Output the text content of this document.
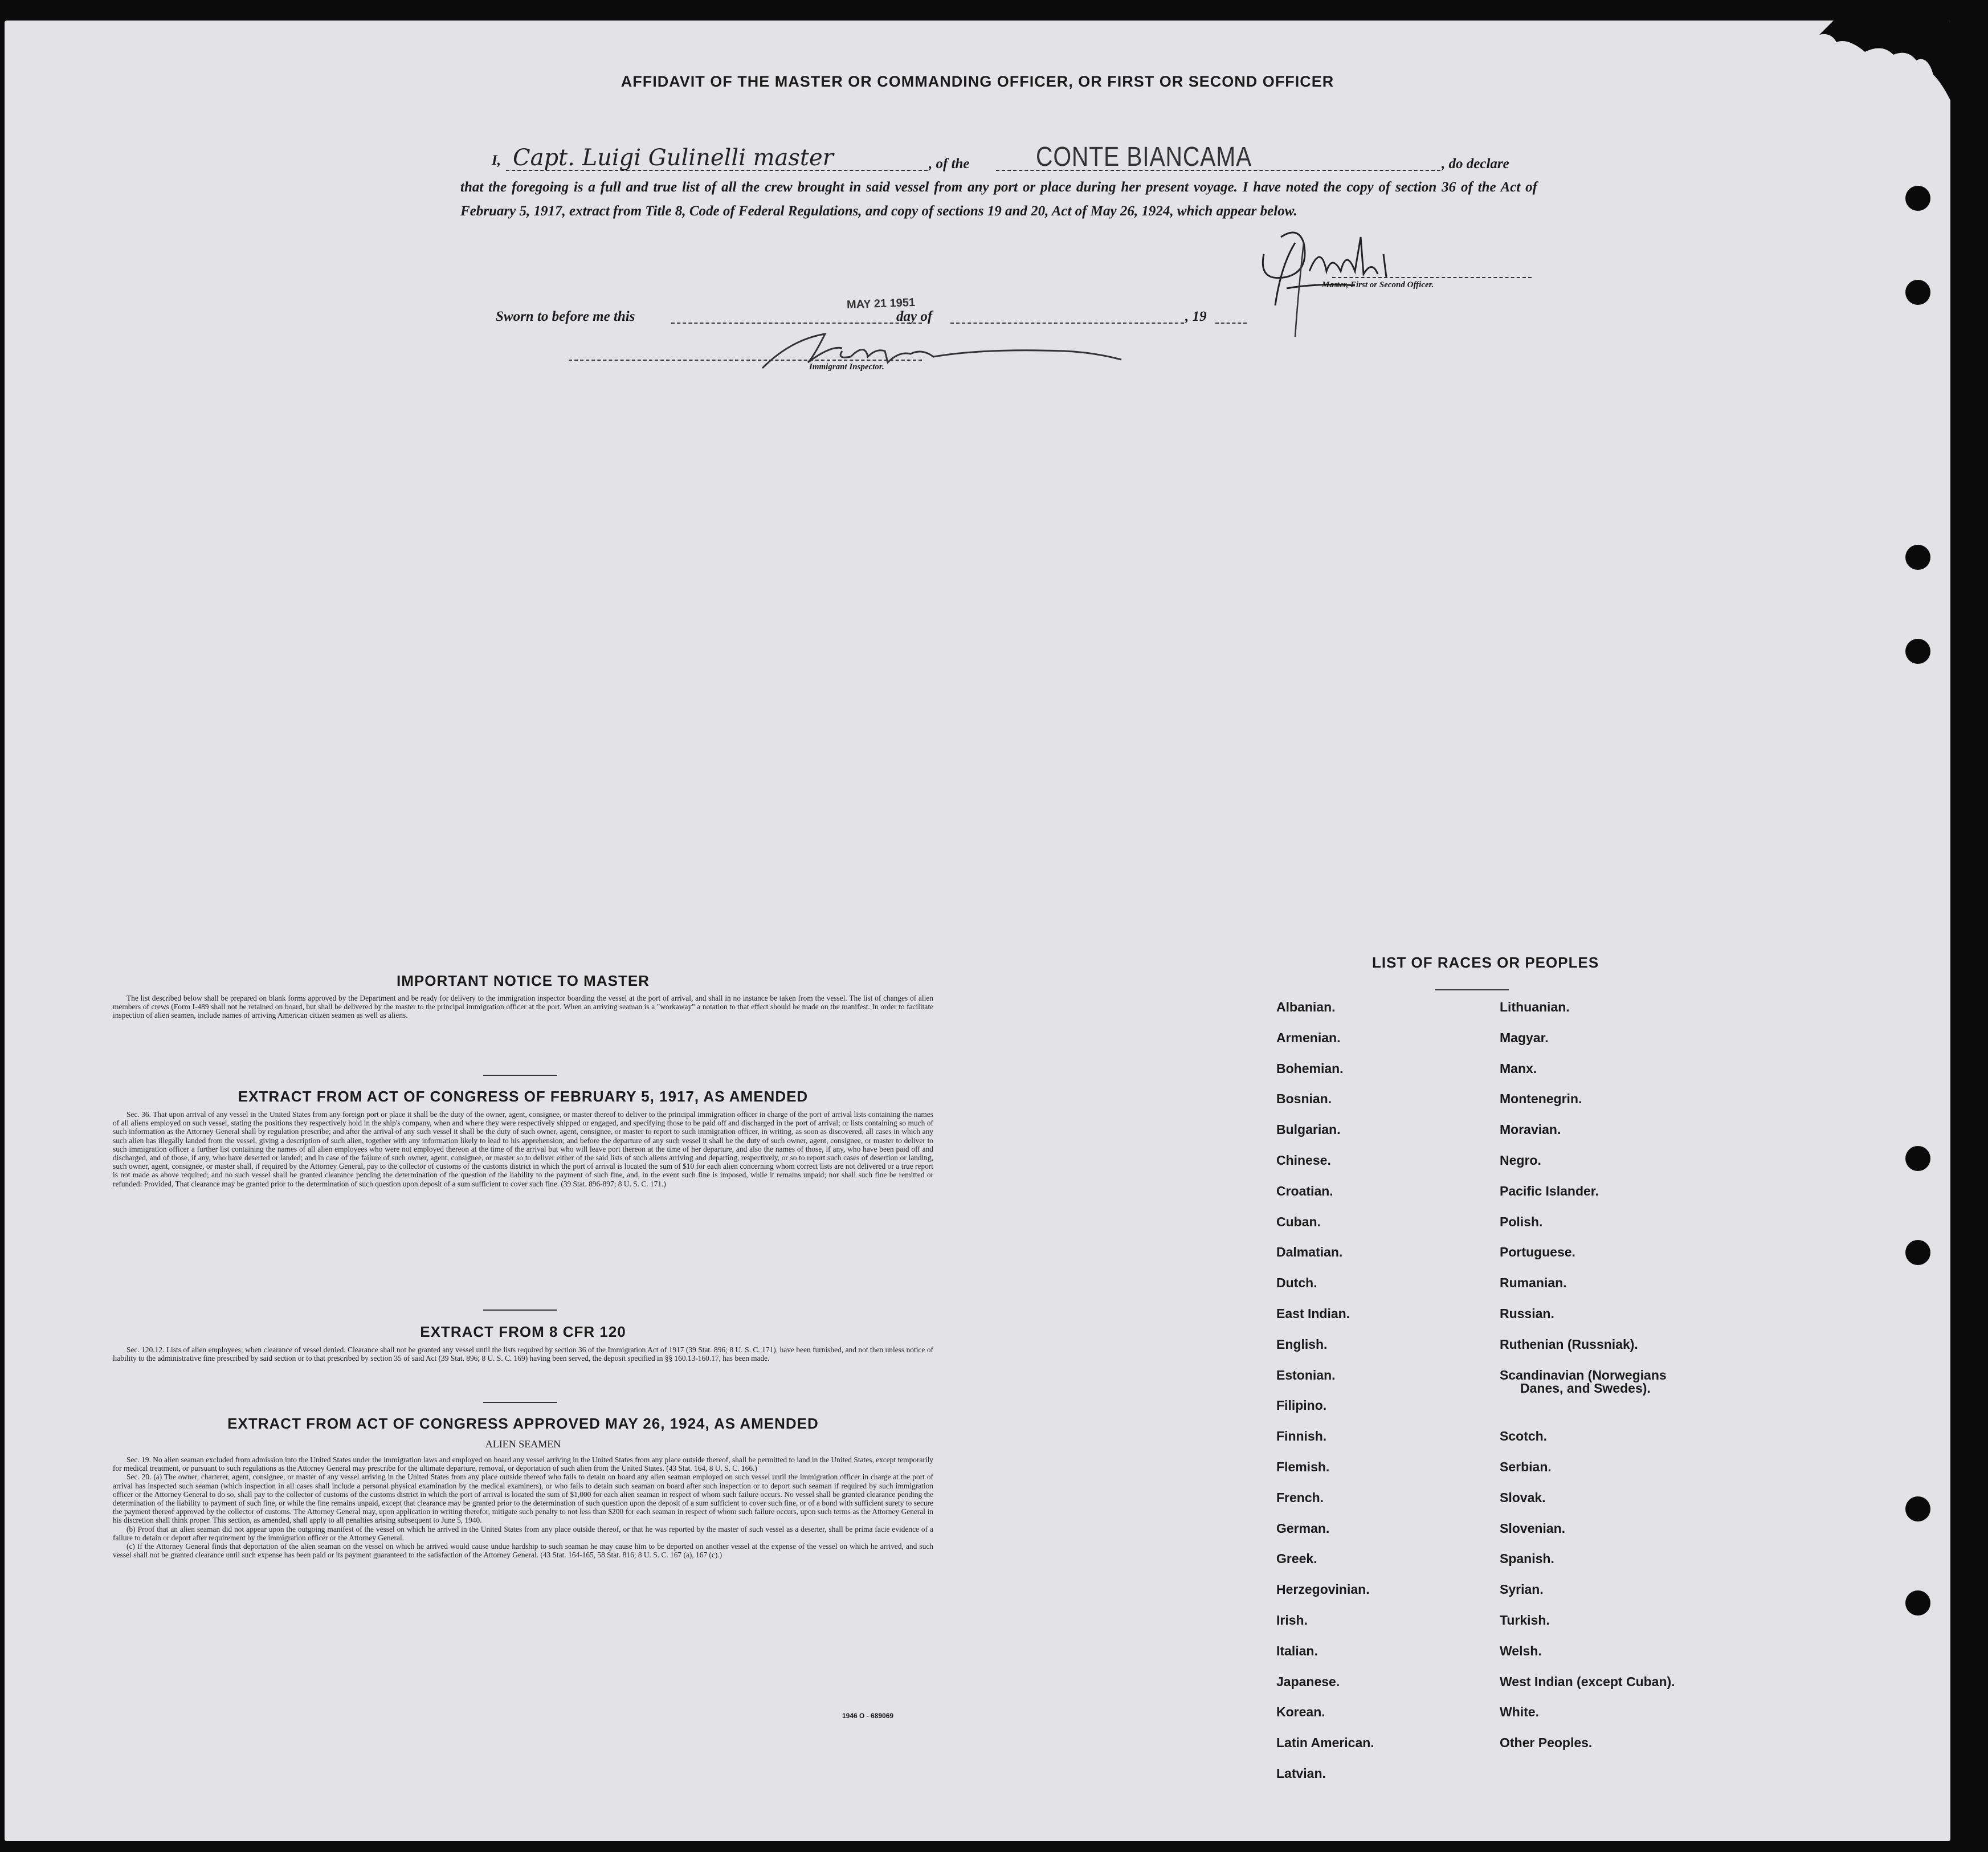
AFFIDAVIT OF THE MASTER OR COMMANDING OFFICER, OR FIRST OR SECOND OFFICER
I, Capt. Luigi Gulinelli master	, of the CONTE BIANCAMA	, do declare
that the foregoing is a full and true list of all the crew brought in said vessel from any port or place during her present voyage. I have noted the copy of section 36 of the Act of February 5, 1917, extract from Title 8, Code of Federal Regulations, and copy of sections 19 and 20, Act of May 26, 1924, which appear below.
Master, First or Second Officer.
Sworn to before me this
MAY 21 1951
day of	, 19
Immigrant Inspector.
IMPORTANT NOTICE TO MASTER
The list described below shall be prepared on blank forms approved by the Department and be ready for delivery to the immigration inspector boarding the vessel at the port of arrival, and shall in no instance be taken from the vessel. The list of changes of alien members of crews (Form I-489 shall not be retained on board, but shall be delivered by the master to the principal immigration officer at the port. When an arriving seaman is a "workaway" a notation to that effect should be made on the manifest. In order to facilitate inspection of alien seamen, include names of arriving American citizen seamen as well as aliens.
EXTRACT FROM ACT OF CONGRESS OF FEBRUARY 5, 1917, AS AMENDED
Sec. 36. That upon arrival of any vessel in the United States from any foreign port or place it shall be the duty of the owner, agent, consignee, or master thereof to deliver to the principal immigration officer in charge of the port of arrival lists containing the names of all aliens employed on such vessel, stating the positions they respectively hold in the ship's company, when and where they were respectively shipped or engaged, and specifying those to be paid off and discharged in the port of arrival; or lists containing so much of such information as the Attorney General shall by regulation prescribe; and after the arrival of any such vessel it shall be the duty of such owner, agent, consignee, or master to report to such immigration officer, in writing, as soon as discovered, all cases in which any such alien has illegally landed from the vessel, giving a description of such alien, together with any information likely to lead to his apprehension; and before the departure of any such vessel it shall be the duty of such owner, agent, consignee, or master to deliver to such immigration officer a further list containing the names of all alien employees who were not employed thereon at the time of the arrival but who will leave port thereon at the time of her departure, and also the names of those, if any, who have been paid off and discharged, and of those, if any, who have deserted or landed; and in case of the failure of such owner, agent, consignee, or master so to deliver either of the said lists of such aliens arriving and departing, respectively, or so to report such cases of desertion or landing, such owner, agent, consignee, or master shall, if required by the Attorney General, pay to the collector of customs of the customs district in which the port of arrival is located the sum of $10 for each alien concerning whom correct lists are not delivered or a true report is not made as above required; and no such vessel shall be granted clearance pending the determination of the question of the liability to the payment of such fine, and, in the event such fine is imposed, while it remains unpaid; nor shall such fine be remitted or refunded: Provided, That clearance may be granted prior to the determination of such question upon deposit of a sum sufficient to cover such fine. (39 Stat. 896-897; 8 U. S. C. 171.)
EXTRACT FROM 8 CFR 120
Sec. 120.12. Lists of alien employees; when clearance of vessel denied. Clearance shall not be granted any vessel until the lists required by section 36 of the Immigration Act of 1917 (39 Stat. 896; 8 U. S. C. 171), have been furnished, and not then unless notice of liability to the administrative fine prescribed by said section or to that prescribed by section 35 of said Act (39 Stat. 896; 8 U. S. C. 169) having been served, the deposit specified in §§ 160.13-160.17, has been made.
EXTRACT FROM ACT OF CONGRESS APPROVED MAY 26, 1924, AS AMENDED
ALIEN SEAMEN
Sec. 19. No alien seaman excluded from admission into the United States under the immigration laws and employed on board any vessel arriving in the United States from any place outside thereof, shall be permitted to land in the United States, except temporarily for medical treatment, or pursuant to such regulations as the Attorney General may prescribe for the ultimate departure, removal, or deportation of such alien from the United States. (43 Stat. 164, 8 U. S. C. 166.)
Sec. 20. (a) The owner, charterer, agent, consignee, or master of any vessel arriving in the United States from any place outside thereof who fails to detain on board any alien seaman employed on such vessel until the immigration officer in charge at the port of arrival has inspected such seaman (which inspection in all cases shall include a personal physical examination by the medical examiners), or who fails to detain such seaman on board after such inspection or to deport such seaman if required by such immigration officer or the Attorney General to do so, shall pay to the collector of customs of the customs district in which the port of arrival is located the sum of $1,000 for each alien seaman in respect of whom such failure occurs. No vessel shall be granted clearance pending the determination of the liability to payment of such fine, or while the fine remains unpaid, except that clearance may be granted prior to the determination of such question upon the deposit of a sum sufficient to cover such fine, or of a bond with sufficient surety to secure the payment thereof approved by the collector of customs. The Attorney General may, upon application in writing therefor, mitigate such penalty to not less than $200 for each seaman in respect of whom such failure occurs, upon such terms as the Attorney General in his discretion shall think proper. This section, as amended, shall apply to all penalties arising subsequent to June 5, 1940.
(b) Proof that an alien seaman did not appear upon the outgoing manifest of the vessel on which he arrived in the United States from any place outside thereof, or that he was reported by the master of such vessel as a deserter, shall be prima facie evidence of a failure to detain or deport after requirement by the immigration officer or the Attorney General.
(c) If the Attorney General finds that deportation of the alien seaman on the vessel on which he arrived would cause undue hardship to such seaman he may cause him to be deported on another vessel at the expense of the vessel on which he arrived, and such vessel shall not be granted clearance until such expense has been paid or its payment guaranteed to the satisfaction of the Attorney General. (43 Stat. 164-165, 58 Stat. 816; 8 U. S. C. 167 (a), 167 (c).)
1946 O - 689069
LIST OF RACES OR PEOPLES
Albanian.
Armenian.
Bohemian.
Bosnian.
Bulgarian.
Chinese.
Croatian.
Cuban.
Dalmatian.
Dutch.
East Indian.
English.
Estonian.
Filipino.
Finnish.
Flemish.
French.
German.
Greek.
Herzegovinian.
Irish.
Italian.
Japanese.
Korean.
Latin American.
Latvian.
Lithuanian.
Magyar.
Manx.
Montenegrin.
Moravian.
Negro.
Pacific Islander.
Polish.
Portuguese.
Rumanian.
Russian.
Ruthenian (Russniak).
Scandinavian (Norwegians
Danes, and Swedes).
Scotch.
Serbian.
Slovak.
Slovenian.
Spanish.
Syrian.
Turkish.
Welsh.
West Indian (except Cuban).
White.
Other Peoples.
